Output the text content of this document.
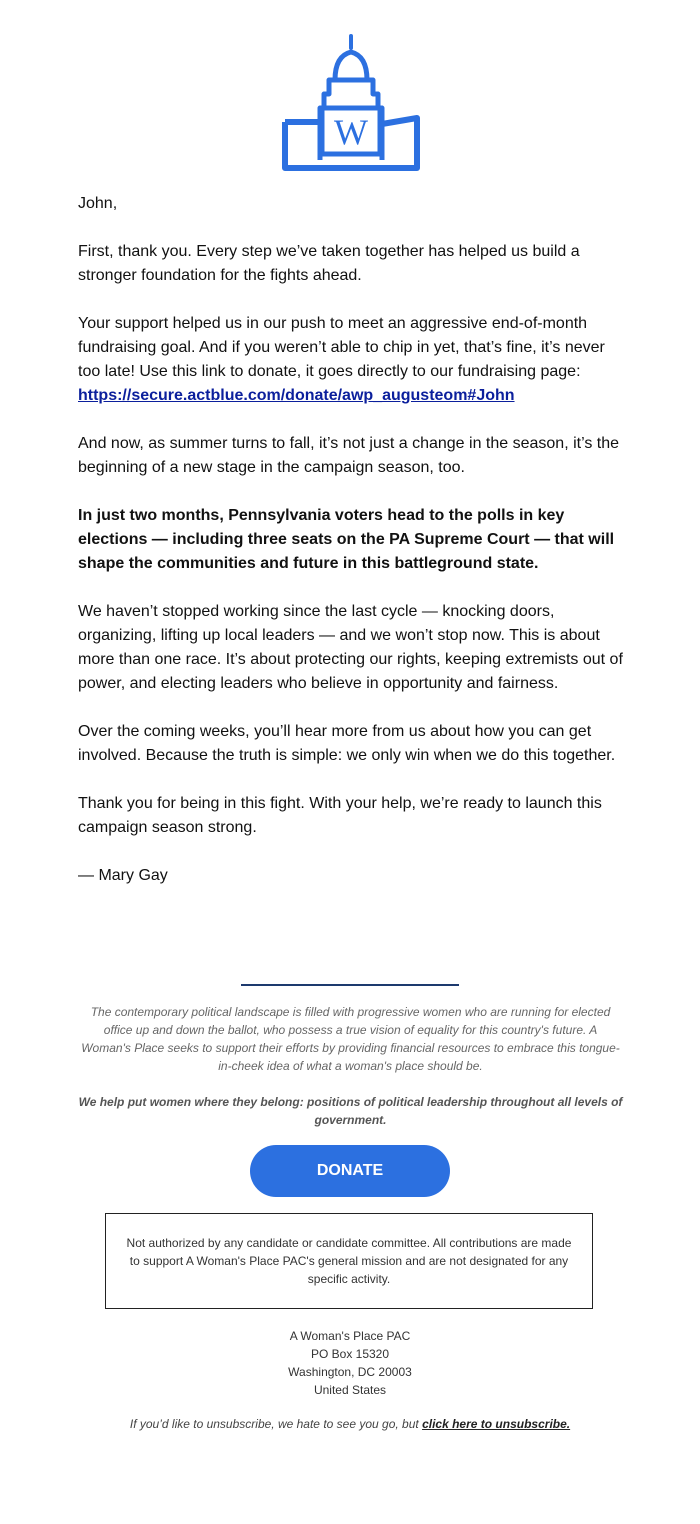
W

John,

First, thank you. Every step we’ve taken together has helped us build a stronger foundation for the fights ahead.

Your support helped us in our push to meet an aggressive end-of-month fundraising goal. And if you weren’t able to chip in yet, that’s fine, it’s never too late! Use this link to donate, it goes directly to our fundraising page:
https://secure.actblue.com/donate/awp_augusteom#John

And now, as summer turns to fall, it’s not just a change in the season, it’s the beginning of a new stage in the campaign season, too.

In just two months, Pennsylvania voters head to the polls in key elections — including three seats on the PA Supreme Court — that will shape the communities and future in this battleground state.

We haven’t stopped working since the last cycle — knocking doors, organizing, lifting up local leaders — and we won’t stop now. This is about more than one race. It’s about protecting our rights, keeping extremists out of power, and electing leaders who believe in opportunity and fairness.

Over the coming weeks, you’ll hear more from us about how you can get involved. Because the truth is simple: we only win when we do this together.

Thank you for being in this fight. With your help, we’re ready to launch this campaign season strong.

— Mary Gay

The contemporary political landscape is filled with progressive women who are running for elected office up and down the ballot, who possess a true vision of equality for this country's future. A Woman's Place seeks to support their efforts by providing financial resources to embrace this tongue-in-cheek idea of what a woman's place should be.
We help put women where they belong: positions of political leadership throughout all levels of government.
DONATE
Not authorized by any candidate or candidate committee. All contributions are made to support A Woman's Place PAC's general mission and are not designated for any specific activity.
A Woman's Place PAC
PO Box 15320
Washington, DC 20003
United States
If you’d like to unsubscribe, we hate to see you go, but click here to unsubscribe.
